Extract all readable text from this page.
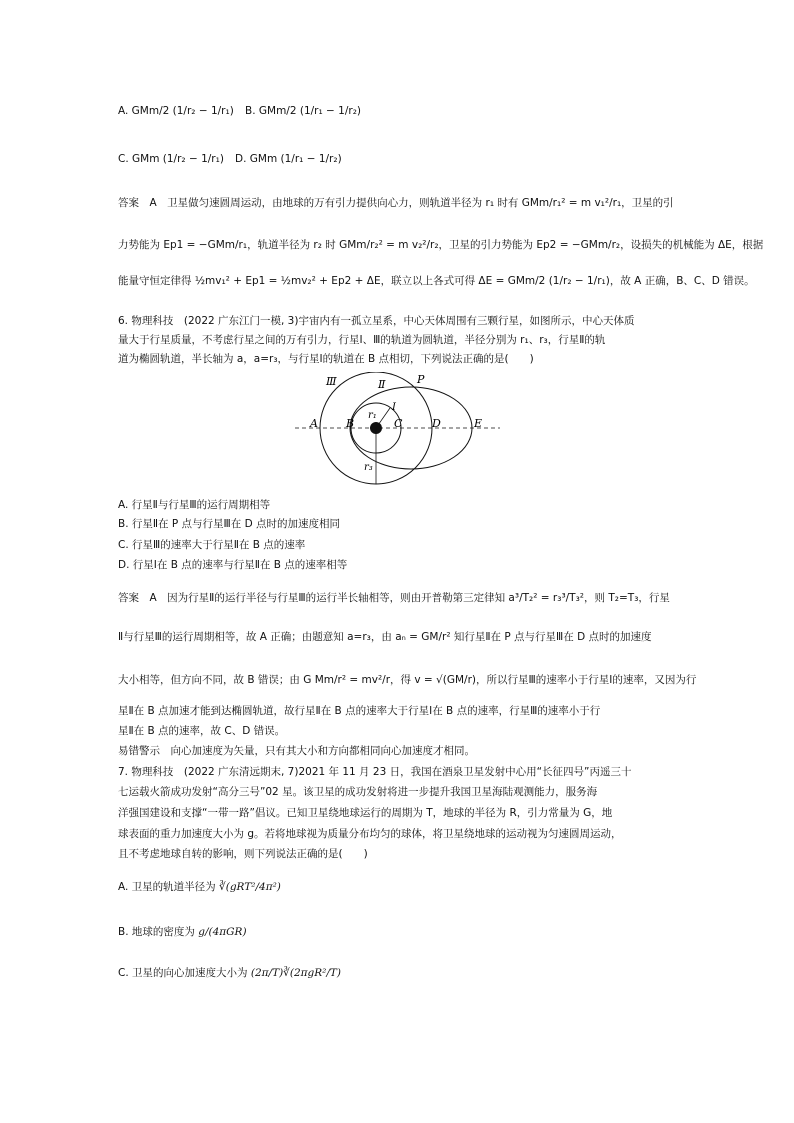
A. GMm/2 (1/r₂ − 1/r₁) B. GMm/2 (1/r₁ − 1/r₂)
C. GMm (1/r₂ − 1/r₁) D. GMm (1/r₁ − 1/r₂)
答案　A　卫星做匀速圆周运动，由地球的万有引力提供向心力，则轨道半径为 r₁ 时有 GMm/r₁² = m v₁²/r₁，卫星的引
力势能为 Ep1 = −GMm/r₁，轨道半径为 r₂ 时 GMm/r₂² = m v₂²/r₂，卫星的引力势能为 Ep2 = −GMm/r₂，设损失的机械能为 ΔE，根据
能量守恒定律得 ½mv₁² + Ep1 = ½mv₂² + Ep2 + ΔE，联立以上各式可得 ΔE = GMm/2 (1/r₂ − 1/r₁)，故 A 正确，B、C、D 错误。
6. 物理科技　(2022 广东江门一模, 3)宇宙内有一孤立星系，中心天体周围有三颗行星，如图所示，中心天体质
量大于行星质量，不考虑行星之间的万有引力，行星Ⅰ、Ⅲ的轨道为圆轨道，半径分别为 r₁、r₃，行星Ⅱ的轨
道为椭圆轨道，半长轴为 a，a=r₃，与行星Ⅰ的轨道在 B 点相切，下列说法正确的是(　　)
Ⅲ	Ⅱ	P
I
r₁
A	B	C	D	E
r₃
A. 行星Ⅱ与行星Ⅲ的运行周期相等
B. 行星Ⅱ在 P 点与行星Ⅲ在 D 点时的加速度相同
C. 行星Ⅲ的速率大于行星Ⅱ在 B 点的速率
D. 行星Ⅰ在 B 点的速率与行星Ⅱ在 B 点的速率相等
答案　A　因为行星Ⅱ的运行半径与行星Ⅲ的运行半长轴相等，则由开普勒第三定律知 a³/T₂² = r₃³/T₃²，则 T₂=T₃，行星
Ⅱ与行星Ⅲ的运行周期相等，故 A 正确；由题意知 a=r₃，由 aₙ = GM/r² 知行星Ⅱ在 P 点与行星Ⅲ在 D 点时的加速度
大小相等，但方向不同，故 B 错误；由 G Mm/r² = mv²/r，得 v = √(GM/r)，所以行星Ⅲ的速率小于行星Ⅰ的速率，又因为行
星Ⅱ在 B 点加速才能到达椭圆轨道，故行星Ⅱ在 B 点的速率大于行星Ⅰ在 B 点的速率，行星Ⅲ的速率小于行
星Ⅱ在 B 点的速率，故 C、D 错误。
易错警示　向心加速度为矢量，只有其大小和方向都相同向心加速度才相同。
7. 物理科技　(2022 广东清远期末, 7)2021 年 11 月 23 日，我国在酒泉卫星发射中心用“长征四号”丙遥三十
七运载火箭成功发射“高分三号”02 星。该卫星的成功发射将进一步提升我国卫星海陆观测能力，服务海
洋强国建设和支撑“一带一路”倡议。已知卫星绕地球运行的周期为 T，地球的半径为 R，引力常量为 G，地
球表面的重力加速度大小为 g。若将地球视为质量分布均匀的球体，将卫星绕地球的运动视为匀速圆周运动，
且不考虑地球自转的影响，则下列说法正确的是(　　)
A. 卫星的轨道半径为 ∛(gRT²/4π²)
B. 地球的密度为 g/(4πGR)
C. 卫星的向心加速度大小为 (2π/T)∛(2πgR²/T)
